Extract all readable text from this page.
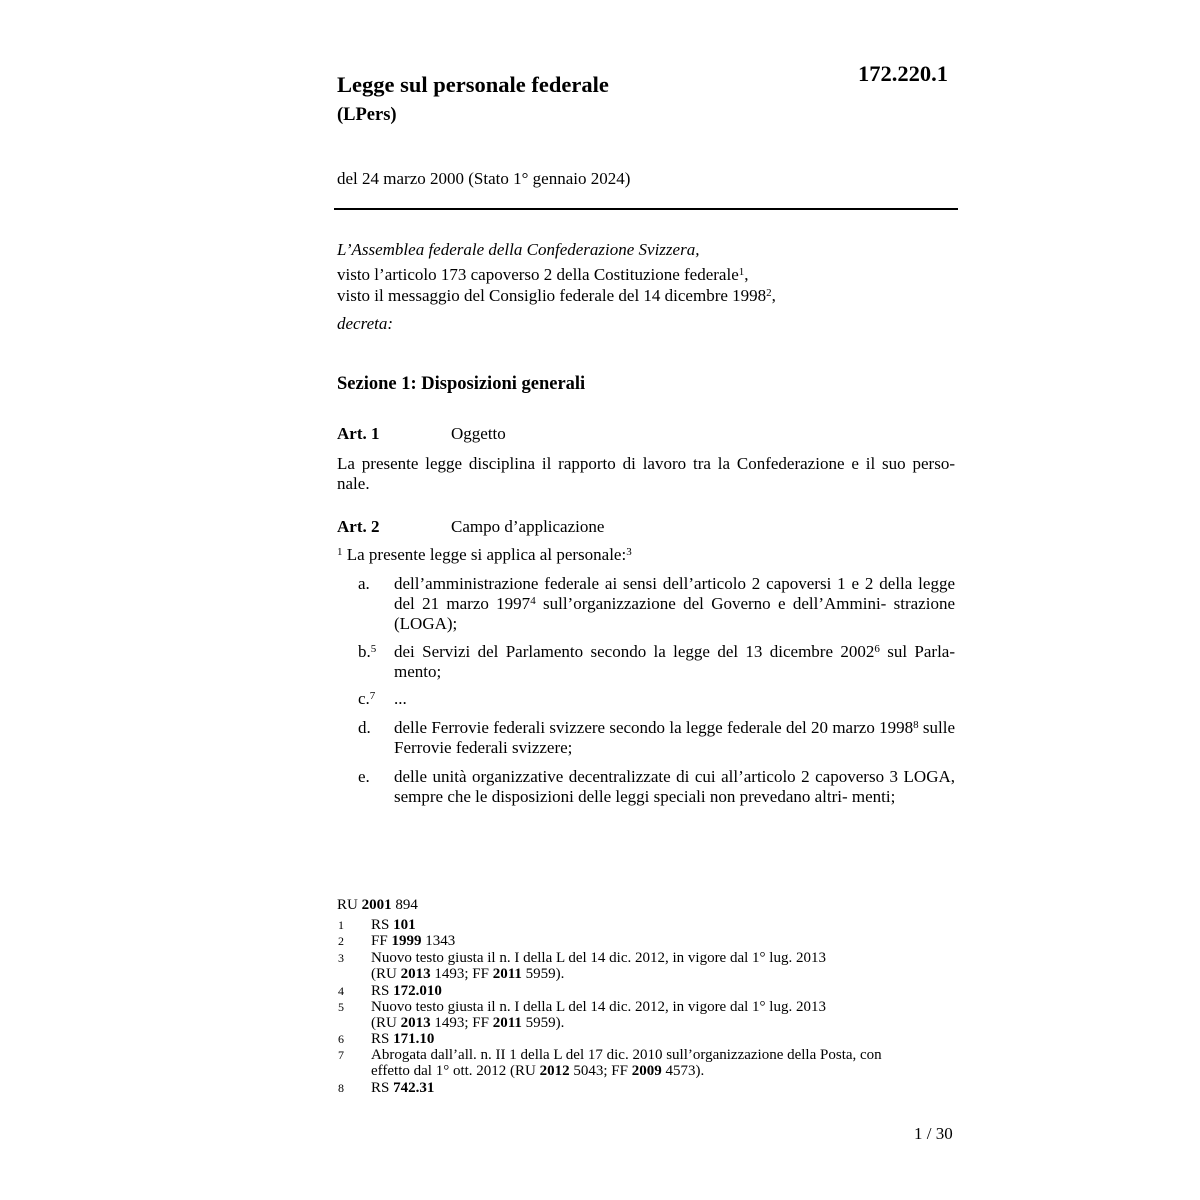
Legge sul personale federale	172.220.1
(LPers)
del 24 marzo 2000 (Stato 1° gennaio 2024)
L’Assemblea federale della Confederazione Svizzera,
visto l’articolo 173 capoverso 2 della Costituzione federale$^1$,
visto il messaggio del Consiglio federale del 14 dicembre 1998$^2$,
decreta:
Sezione 1: Disposizioni generali
Art. 1	Oggetto
La presente legge disciplina il rapporto di lavoro tra la Confederazione e il suo perso- nale.
Art. 2	Campo d’applicazione
$^1$ La presente legge si applica al personale:$^3$
a. dell’amministrazione federale ai sensi dell’articolo 2 capoversi 1 e 2 della legge del 21 marzo 1997$^4$ sull’organizzazione del Governo e dell’Ammini- strazione (LOGA);
b.$^5$ dei Servizi del Parlamento secondo la legge del 13 dicembre 2002$^6$ sul Parla- mento;
c.$^7$ ...
d. delle Ferrovie federali svizzere secondo la legge federale del 20 marzo 1998$^8$ sulle Ferrovie federali svizzere;
e. delle unità organizzative decentralizzate di cui all’articolo 2 capoverso 3 LOGA, sempre che le disposizioni delle leggi speciali non prevedano altri- menti;
RU 2001 894
1 RS 101
2 FF 1999 1343
3 Nuovo testo giusta il n. I della L del 14 dic. 2012, in vigore dal 1° lug. 2013
(RU 2013 1493; FF 2011 5959).
4 RS 172.010
5 Nuovo testo giusta il n. I della L del 14 dic. 2012, in vigore dal 1° lug. 2013
(RU 2013 1493; FF 2011 5959).
6 RS 171.10
7 Abrogata dall’all. n. II 1 della L del 17 dic. 2010 sull’organizzazione della Posta, con
effetto dal 1° ott. 2012 (RU 2012 5043; FF 2009 4573).
8 RS 742.31
1 / 30
